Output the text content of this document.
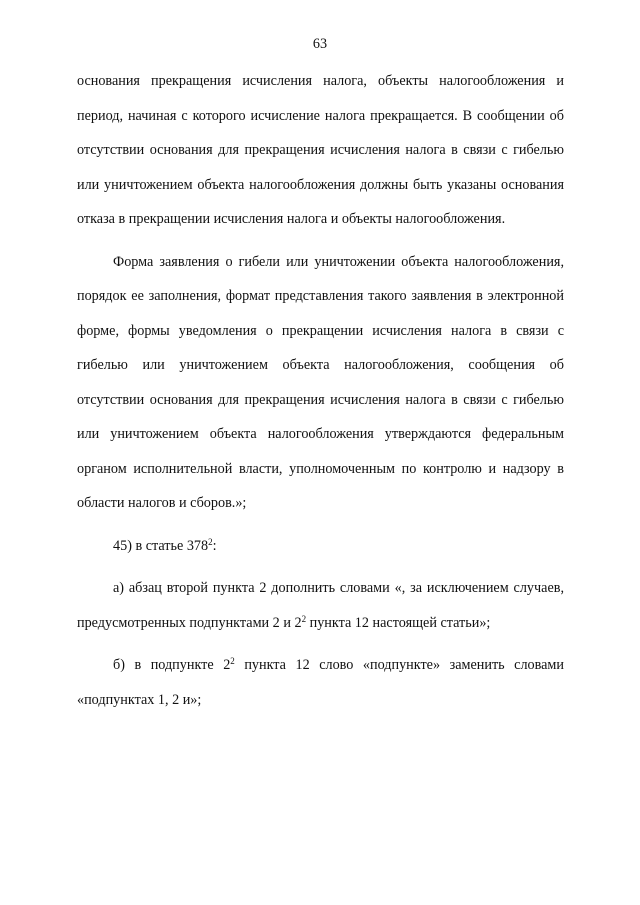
63

основания прекращения исчисления налога, объекты налогообложения и период, начиная с которого исчисление налога прекращается. В сообщении об отсутствии основания для прекращения исчисления налога в связи с гибелью или уничтожением объекта налогообложения должны быть указаны основания отказа в прекращении исчисления налога и объекты налогообложения.

Форма заявления о гибели или уничтожении объекта налогообложения, порядок ее заполнения, формат представления такого заявления в электронной форме, формы уведомления о прекращении исчисления налога в связи с гибелью или уничтожением объекта налогообложения, сообщения об отсутствии основания для прекращения исчисления налога в связи с гибелью или уничтожением объекта налогообложения утверждаются федеральным органом исполнительной власти, уполномоченным по контролю и надзору в области налогов и сборов.»;

45) в статье $378^2$:

а) абзац второй пункта 2 дополнить словами «, за исключением случаев, предусмотренных подпунктами 2 и $2^2$ пункта 12 настоящей статьи»;

б) в подпункте $2^2$ пункта 12 слово «подпункте» заменить словами «подпунктах 1, 2 и»;
